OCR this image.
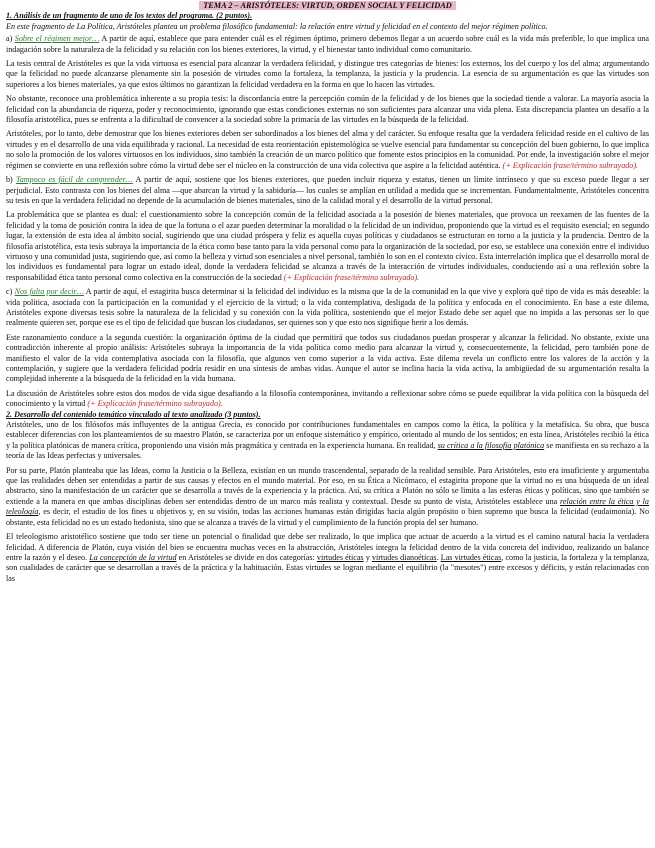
TEMA 2 – ARISTÓTELES: VIRTUD, ORDEN SOCIAL Y FELICIDAD
1. Análisis de un fragmento de uno de los textos del programa. (2 puntos).
En este fragmento de La Política, Aristóteles plantea un problema filosófico fundamental: la relación entre virtud y felicidad en el contexto del mejor régimen político.

a) Sobre el régimen mejor… A partir de aquí, establece que para entender cuál es el régimen óptimo, primero debemos llegar a un acuerdo sobre cuál es la vida más preferible, lo que implica una indagación sobre la naturaleza de la felicidad y su relación con los bienes exteriores, la virtud, y el bienestar tanto individual como comunitario.

La tesis central de Aristóteles es que la vida virtuosa es esencial para alcanzar la verdadera felicidad, y distingue tres categorías de bienes: los externos, los del cuerpo y los del alma; argumentando que la felicidad no puede alcanzarse plenamente sin la posesión de virtudes como la fortaleza, la templanza, la justicia y la prudencia. La esencia de su argumentación es que las virtudes son superiores a los bienes materiales, ya que estos últimos no garantizan la felicidad verdadera en la forma en que lo hacen las virtudes.

No obstante, reconoce una problemática inherente a su propia tesis: la discordancia entre la percepción común de la felicidad y de los bienes que la sociedad tiende a valorar. La mayoría asocia la felicidad con la abundancia de riqueza, poder y reconocimiento, ignorando que estas condiciones externas no son suficientes para alcanzar una vida plena. Esta discrepancia plantea un desafío a la filosofía aristotélica, pues se enfrenta a la dificultad de convencer a la sociedad sobre la primacía de las virtudes en la búsqueda de la felicidad.

Aristóteles, por lo tanto, debe demostrar que los bienes exteriores deben ser subordinados a los bienes del alma y del carácter. Su enfoque resalta que la verdadera felicidad reside en el cultivo de las virtudes y en el desarrollo de una vida equilibrada y racional. La necesidad de esta reorientación epistemológica se vuelve esencial para fundamentar su concepción del buen gobierno, lo que implica no solo la promoción de los valores virtuosos en los individuos, sino también la creación de un marco político que fomente estos principios en la comunidad. Por ende, la investigación sobre el mejor régimen se convierte en una reflexión sobre cómo la virtud debe ser el núcleo en la construcción de una vida colectiva que aspire a la felicidad auténtica. (+ Explicación frase/término subrayado).

b) Tampoco es fácil de comprender… A partir de aquí, sostiene que los bienes exteriores, que pueden incluir riqueza y estatus, tienen un límite intrínseco y que su exceso puede llegar a ser perjudicial. Esto contrasta con los bienes del alma —que abarcan la virtud y la sabiduría— los cuales se amplían en utilidad a medida que se incrementan. Fundamentalmente, Aristóteles concentra su tesis en que la verdadera felicidad no depende de la acumulación de bienes materiales, sino de la calidad moral y el desarrollo de la virtud personal.

La problemática que se plantea es dual: el cuestionamiento sobre la concepción común de la felicidad asociada a la posesión de bienes materiales, que provoca un reexamen de las fuentes de la felicidad y la toma de posición contra la idea de que la fortuna o el azar pueden determinar la moralidad o la felicidad de un individuo, proponiendo que la virtud es el requisito esencial; en segundo lugar, la extensión de esta idea al ámbito social, sugiriendo que una ciudad próspera y feliz es aquella cuyas políticas y ciudadanos se estructuran en torno a la justicia y la prudencia. Dentro de la filosofía aristotélica, esta tesis subraya la importancia de la ética como base tanto para la vida personal como para la organización de la sociedad, por eso, se establece una conexión entre el individuo virtuoso y una comunidad justa, sugiriendo que, así como la belleza y virtud son esenciales a nivel personal, también lo son en el contexto cívico. Esta interrelación implica que el desarrollo moral de los individuos es fundamental para lograr un estado ideal, donde la verdadera felicidad se alcanza a través de la interacción de virtudes individuales, conduciendo así a una reflexión sobre la responsabilidad ética tanto personal como colectiva en la construcción de la sociedad (+ Explicación frase/término subrayado).

c) Nos falta por decir… A partir de aquí, el estagirita busca determinar si la felicidad del individuo es la misma que la de la comunidad en la que vive y explora qué tipo de vida es más deseable: la vida política, asociada con la participación en la comunidad y el ejercicio de la virtud; o la vida contemplativa, desligada de la política y enfocada en el conocimiento. En base a este dilema, Aristóteles expone diversas tesis sobre la naturaleza de la felicidad y su conexión con la vida política, sosteniendo que el mejor Estado debe ser aquel que no impida a las personas ser lo que realmente quieren ser, porque ese es el tipo de felicidad que buscan los ciudadanos, ser quienes son y que esto nos signifique herir a los demás.

Este razonamiento conduce a la segunda cuestión: la organización óptima de la ciudad que permitirá que todos sus ciudadanos puedan prosperar y alcanzar la felicidad. No obstante, existe una contradicción inherente al propio análisis: Aristóteles subraya la importancia de la vida política como medio para alcanzar la virtud y, consecuentemente, la felicidad, pero también pone de manifiesto el valor de la vida contemplativa asociada con la filosofía, que algunos ven como superior a la vida activa. Este dilema revela un conflicto entre los valores de la acción y la contemplación, y sugiere que la verdadera felicidad podría residir en una síntesis de ambas vidas. Aunque el autor se inclina hacia la vida activa, la ambigüedad de su argumentación resalta la complejidad inherente a la búsqueda de la felicidad en la vida humana.

La discusión de Aristóteles sobre estos dos modos de vida sigue desafiando a la filosofía contemporánea, invitando a reflexionar sobre cómo se puede equilibrar la vida política con la búsqueda del conocimiento y la virtud (+ Explicación frase/término subrayado).

2. Desarrollo del contenido temático vinculado al texto analizado (3 puntos).

Aristóteles, uno de los filósofos más influyentes de la antigua Grecia, es conocido por contribuciones fundamentales en campos como la ética, la política y la metafísica. Su obra, que busca establecer diferencias con los planteamientos de su maestro Platón, se caracteriza por un enfoque sistemático y empírico, orientado al mundo de los sentidos; en esta línea, Aristóteles recibió la ética y la política platónicas de manera crítica, proponiendo una visión más pragmática y centrada en la experiencia humana. En realidad, su crítica a la filosofía platónica se manifiesta en su rechazo a la teoría de las Ideas perfectas y universales.

Por su parte, Platón planteaba que las Ideas, como la Justicia o la Belleza, existían en un mundo trascendental, separado de la realidad sensible. Para Aristóteles, esto era insuficiente y argumentaba que las realidades deben ser entendidas a partir de sus causas y efectos en el mundo material. Por eso, en su Ética a Nicómaco, el estagirita propone que la virtud no es una búsqueda de un ideal abstracto, sino la manifestación de un carácter que se desarrolla a través de la experiencia y la práctica. Así, su crítica a Platón no sólo se limita a las esferas éticas y políticas, sino que también se extiende a la manera en que ambas disciplinas deben ser entendidas dentro de un marco más realista y contextual. Desde su punto de vista, Aristóteles establece una relación entre la ética y la teleología, es decir, el estudio de los fines u objetivos y, en su visión, todas las acciones humanas están dirigidas hacia algún propósito o bien supremo que busca la felicidad (eudaimonía). No obstante, esta felicidad no es un estado hedonista, sino que se alcanza a través de la virtud y el cumplimiento de la función propia del ser humano.

El teleologismo aristotélico sostiene que todo ser tiene un potencial o finalidad que debe ser realizado, lo que implica que actuar de acuerdo a la virtud es el camino natural hacia la verdadera felicidad. A diferencia de Platón, cuya visión del bien se encuentra muchas veces en la abstracción, Aristóteles integra la felicidad dentro de la vida concreta del individuo, realizando un balance entre la razón y el deseo. La concepción de la virtud en Aristóteles se divide en dos categorías: virtudes éticas y virtudes dianoéticas. Las virtudes éticas, como la justicia, la fortaleza y la templanza, son cualidades de carácter que se desarrollan a través de la práctica y la habituación. Estas virtudes se logran mediante el equilibrio (la "mesotes") entre excesos y déficits, y están relacionadas con las
